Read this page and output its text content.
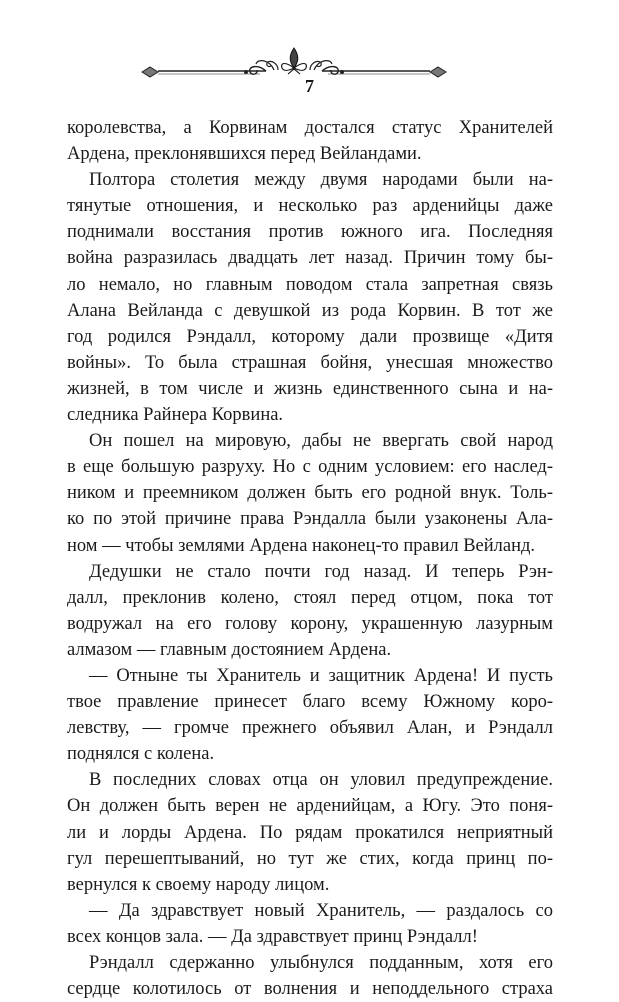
7
королевства, а Корвинам достался статус Хранителей
Ардена, преклонявшихся перед Вейландами.
Полтора столетия между двумя народами были на-
тянутые отношения, и несколько раз арденийцы даже
поднимали восстания против южного ига. Последняя
война разразилась двадцать лет назад. Причин тому бы-
ло немало, но главным поводом стала запретная связь
Алана Вейланда с девушкой из рода Корвин. В тот же
год родился Рэндалл, которому дали прозвище «Дитя
войны». То была страшная бойня, унесшая множество
жизней, в том числе и жизнь единственного сына и на-
следника Райнера Корвина.
Он пошел на мировую, дабы не ввергать свой народ
в еще большую разруху. Но с одним условием: его наслед-
ником и преемником должен быть его родной внук. Толь-
ко по этой причине права Рэндалла были узаконены Ала-
ном — чтобы землями Ардена наконец-то правил Вейланд.
Дедушки не стало почти год назад. И теперь Рэн-
далл, преклонив колено, стоял перед отцом, пока тот
водружал на его голову корону, украшенную лазурным
алмазом — главным достоянием Ардена.
— Отныне ты Хранитель и защитник Ардена! И пусть
твое правление принесет благо всему Южному коро-
левству, — громче прежнего объявил Алан, и Рэндалл
поднялся с колена.
В последних словах отца он уловил предупреждение.
Он должен быть верен не арденийцам, а Югу. Это поня-
ли и лорды Ардена. По рядам прокатился неприятный
гул перешептываний, но тут же стих, когда принц по-
вернулся к своему народу лицом.
— Да здравствует новый Хранитель, — раздалось со
всех концов зала. — Да здравствует принц Рэндалл!
Рэндалл сдержанно улыбнулся подданным, хотя его
сердце колотилось от волнения и неподдельного страха
